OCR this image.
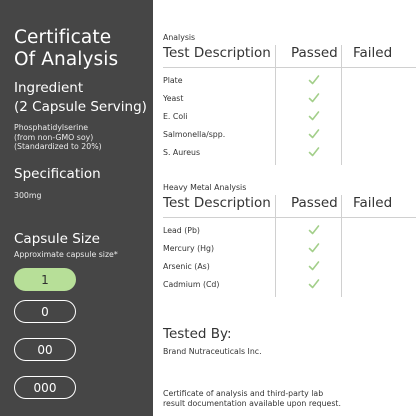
Certificate
Of Analysis
Ingredient
(2 Capsule Serving)
Phosphatidylserine
(from non-GMO soy)
(Standardized to 20%)
Specification
300mg
Capsule Size
Approximate capsule size*
1
0
00
000
Analysis
Test Description Passed Failed
Plate
Yeast
E. Coli
Salmonella/spp.
S. Aureus
Heavy Metal Analysis
Test Description Passed Failed
Lead (Pb)
Mercury (Hg)
Arsenic (As)
Cadmium (Cd)
Tested By:
Brand Nutraceuticals Inc.
Certificate of analysis and third-party lab
result documentation available upon request.
